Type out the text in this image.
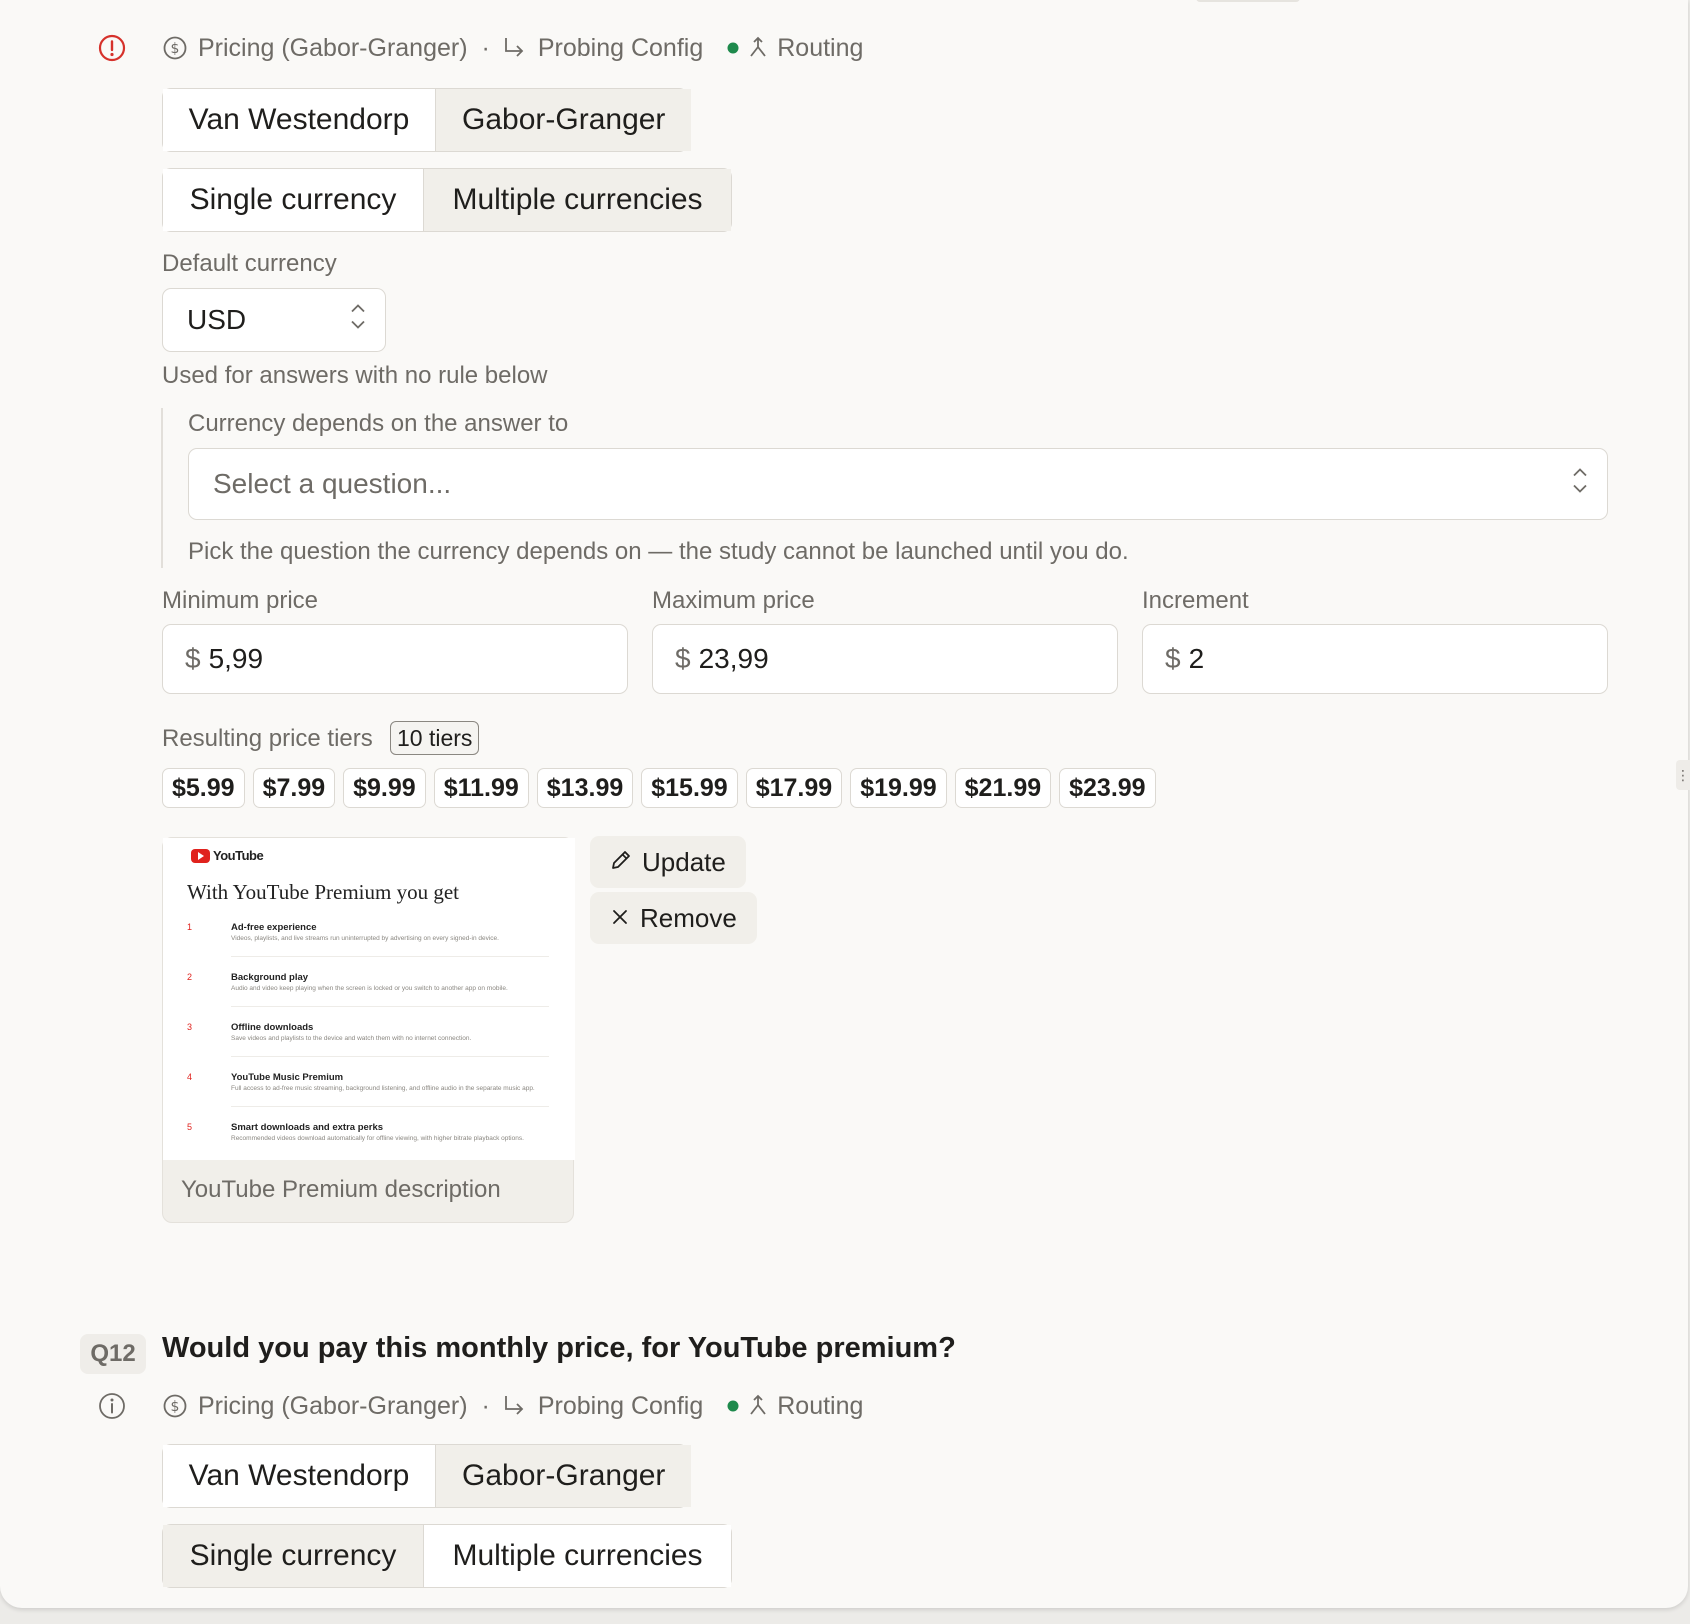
$ Pricing (Gabor-Granger) · Probing Config	Routing
Van Westendorp	Gabor-Granger
Single currency	Multiple currencies
Default currency
USD
Used for answers with no rule below
Currency depends on the answer to
Select a question...
Pick the question the currency depends on — the study cannot be launched until you do.
Minimum price
$ 5,99
Maximum price
$ 23,99
Increment
$ 2
Resulting price tiers	10 tiers
$5.99	$7.99	$9.99	$11.99	$13.99	$15.99	$17.99	$19.99	$21.99	$23.99
YouTube
With YouTube Premium you get
1	Ad-free experience
Videos, playlists, and live streams run uninterrupted by advertising on every signed-in device.
2	Background play
Audio and video keep playing when the screen is locked or you switch to another app on mobile.
3	Offline downloads
Save videos and playlists to the device and watch them with no internet connection.
4	YouTube Music Premium
Full access to ad-free music streaming, background listening, and offline audio in the separate music app.
5	Smart downloads and extra perks
Recommended videos download automatically for offline viewing, with higher bitrate playback options.
YouTube Premium description
Update
Remove
Q12 Would you pay this monthly price, for YouTube premium?
$ Pricing (Gabor-Granger) · Probing Config	Routing
Van Westendorp	Gabor-Granger
Single currency	Multiple currencies
⋮
